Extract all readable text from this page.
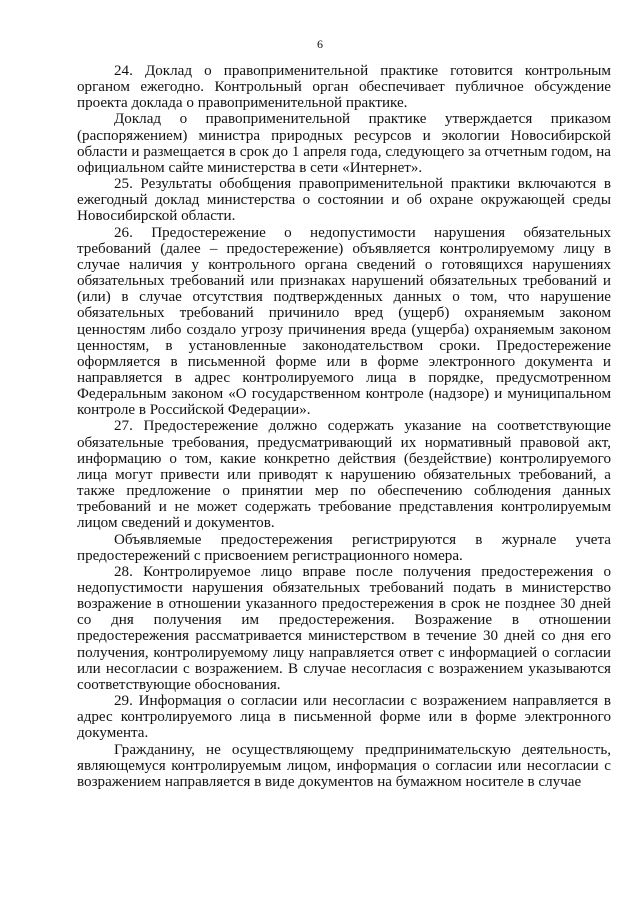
6

24. Доклад о правоприменительной практике готовится контрольным органом ежегодно. Контрольный орган обеспечивает публичное обсуждение проекта доклада о правоприменительной практике.

Доклад о правоприменительной практике утверждается приказом (распоряжением) министра природных ресурсов и экологии Новосибирской области и размещается в срок до 1 апреля года, следующего за отчетным годом, на официальном сайте министерства в сети «Интернет».

25. Результаты обобщения правоприменительной практики включаются в ежегодный доклад министерства о состоянии и об охране окружающей среды Новосибирской области.

26. Предостережение о недопустимости нарушения обязательных требований (далее – предостережение) объявляется контролируемому лицу в случае наличия у контрольного органа сведений о готовящихся нарушениях обязательных требований или признаках нарушений обязательных требований и (или) в случае отсутствия подтвержденных данных о том, что нарушение обязательных требований причинило вред (ущерб) охраняемым законом ценностям либо создало угрозу причинения вреда (ущерба) охраняемым законом ценностям, в установленные законодательством сроки. Предостережение оформляется в письменной форме или в форме электронного документа и направляется в адрес контролируемого лица в порядке, предусмотренном Федеральным законом «О государственном контроле (надзоре) и муниципальном контроле в Российской Федерации».

27. Предостережение должно содержать указание на соответствующие обязательные требования, предусматривающий их нормативный правовой акт, информацию о том, какие конкретно действия (бездействие) контролируемого лица могут привести или приводят к нарушению обязательных требований, а также предложение о принятии мер по обеспечению соблюдения данных требований и не может содержать требование представления контролируемым лицом сведений и документов.

Объявляемые предостережения регистрируются в журнале учета предостережений с присвоением регистрационного номера.

28. Контролируемое лицо вправе после получения предостережения о недопустимости нарушения обязательных требований подать в министерство возражение в отношении указанного предостережения в срок не позднее 30 дней со дня получения им предостережения. Возражение в отношении предостережения рассматривается министерством в течение 30 дней со дня его получения, контролируемому лицу направляется ответ с информацией о согласии или несогласии с возражением. В случае несогласия с возражением указываются соответствующие обоснования.

29. Информация о согласии или несогласии с возражением направляется в адрес контролируемого лица в письменной форме или в форме электронного документа.

Гражданину, не осуществляющему предпринимательскую деятельность, являющемуся контролируемым лицом, информация о согласии или несогласии с возражением направляется в виде документов на бумажном носителе в случае
